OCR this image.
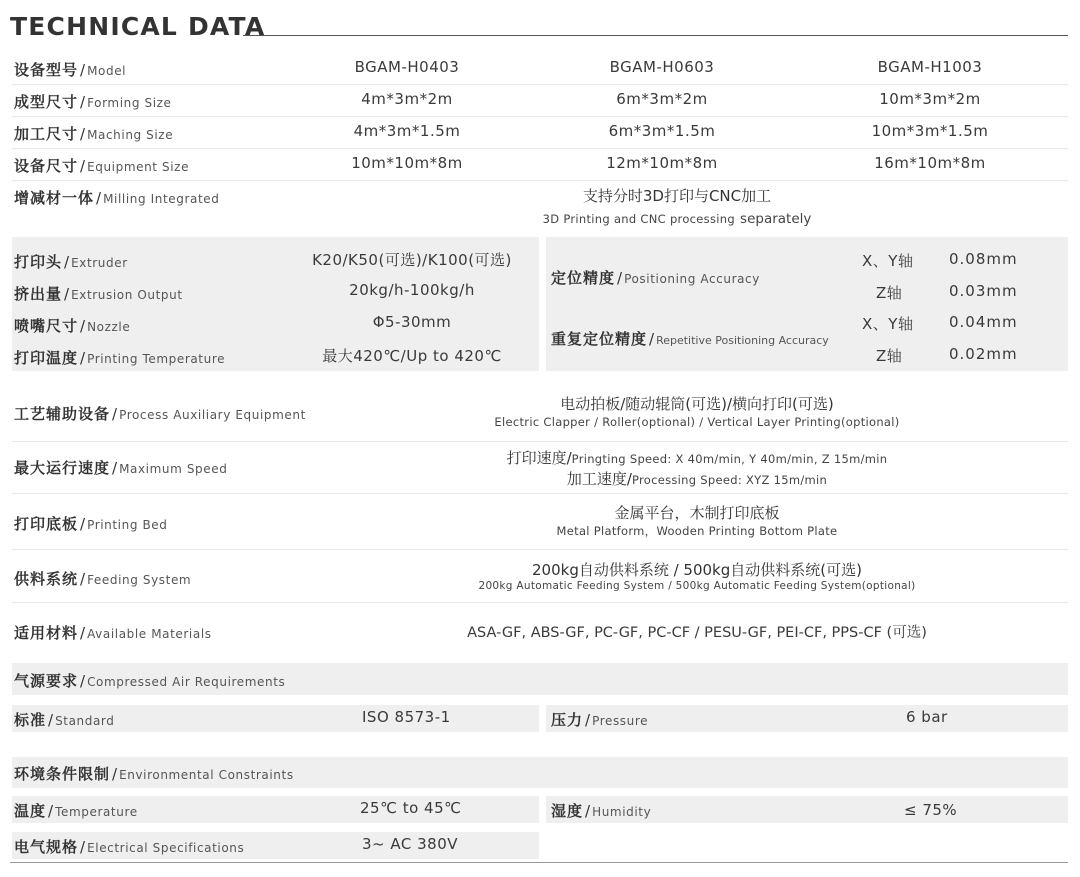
TECHNICAL DATA
设备型号 / Model	BGAM-H0403	BGAM-H0603	BGAM-H1003
成型尺寸 / Forming Size	4m*3m*2m	6m*3m*2m	10m*3m*2m
加工尺寸 / Maching Size	4m*3m*1.5m	6m*3m*1.5m	10m*3m*1.5m
设备尺寸 / Equipment Size	10m*10m*8m	12m*10m*8m	16m*10m*8m
增减材一体 / Milling Integrated	支持分时3D打印与CNC加工
3D Printing and CNC processing separately
打印头 / Extruder	K20/K50(可选)/K100(可选)
挤出量 / Extrusion Output	20kg/h-100kg/h
喷嘴尺寸 / Nozzle	Φ5-30mm
打印温度 / Printing Temperature	最大420℃/Up to 420℃
定位精度 / Positioning Accuracy
X、Y轴 0.08mm
Z轴	0.03mm
重复定位精度 / Repetitive Positioning Accuracy
X、Y轴 0.04mm
Z轴	0.02mm
工艺辅助设备 / Process Auxiliary Equipment
电动拍板/随动辊筒(可选)/横向打印(可选)
Electric Clapper / Roller(optional) / Vertical Layer Printing(optional)
最大运行速度 / Maximum Speed
打印速度/Pringting Speed: X 40m/min, Y 40m/min, Z 15m/min
加工速度/Processing Speed: XYZ 15m/min
打印底板 / Printing Bed
金属平台，木制打印底板
Metal Platform，Wooden Printing Bottom Plate
供料系统 / Feeding System
200kg自动供料系统 / 500kg自动供料系统(可选)
200kg Automatic Feeding System / 500kg Automatic Feeding System(optional)
适用材料 / Available Materials	ASA-GF, ABS-GF, PC-GF, PC-CF / PESU-GF, PEI-CF, PPS-CF (可选)
气源要求 / Compressed Air Requirements
标准 / Standard	ISO 8573-1	压力 / Pressure	6 bar
环境条件限制 / Environmental Constraints
温度 / Temperature	25℃ to 45℃	湿度 / Humidity	≤ 75%
电气规格 / Electrical Specifications	3~ AC 380V
